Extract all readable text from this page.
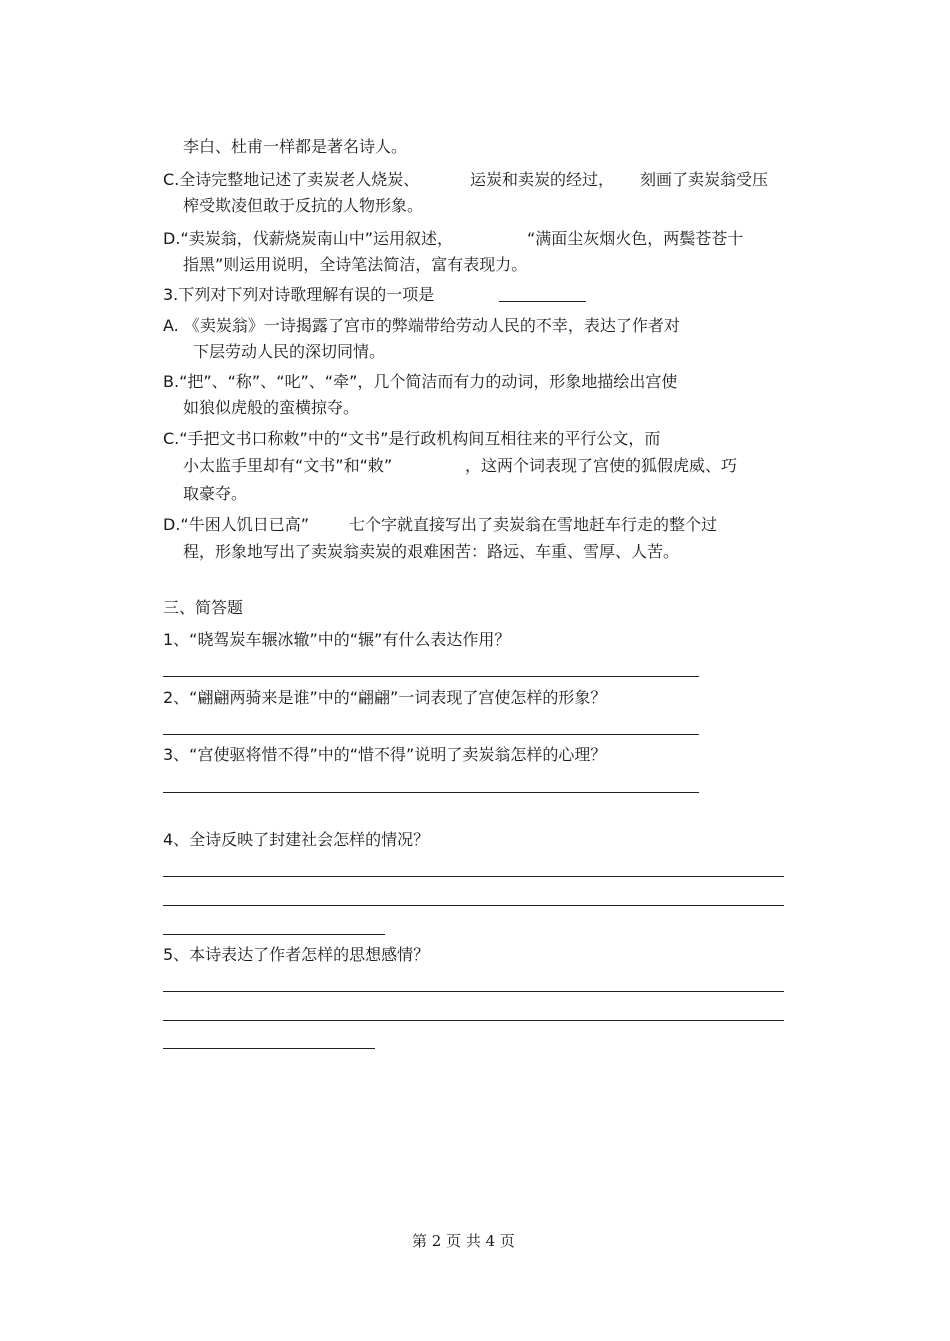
李白、杜甫一样都是著名诗人。
C.全诗完整地记述了卖炭老人烧炭、	运炭和卖炭的经过， 刻画了卖炭翁受压
榨受欺凌但敢于反抗的人物形象。
D.“卖炭翁，伐薪烧炭南山中”运用叙述，	“满面尘灰烟火色，两鬓苍苍十
指黑”则运用说明，全诗笔法简洁，富有表现力。
3.下列对下列对诗歌理解有误的一项是
A. 《卖炭翁》一诗揭露了宫市的弊端带给劳动人民的不幸，表达了作者对
下层劳动人民的深切同情。
B.“把”、“称”、“叱”、“牵”，几个简洁而有力的动词，形象地描绘出宫使
如狼似虎般的蛮横掠夺。
C.“手把文书口称敕”中的“文书”是行政机构间互相往来的平行公文，而
小太监手里却有“文书”和“敕”	，这两个词表现了宫使的狐假虎威、巧
取豪夺。
D.“牛困人饥日已高”	七个字就直接写出了卖炭翁在雪地赶车行走的整个过
程，形象地写出了卖炭翁卖炭的艰难困苦：路远、车重、雪厚、人苦。
三、简答题
1、“晓驾炭车辗冰辙”中的“辗”有什么表达作用？
2、“翩翩两骑来是谁”中的“翩翩”一词表现了宫使怎样的形象？
3、“宫使驱将惜不得”中的“惜不得”说明了卖炭翁怎样的心理？
4、全诗反映了封建社会怎样的情况？
5、本诗表达了作者怎样的思想感情？
第 2 页 共 4 页
